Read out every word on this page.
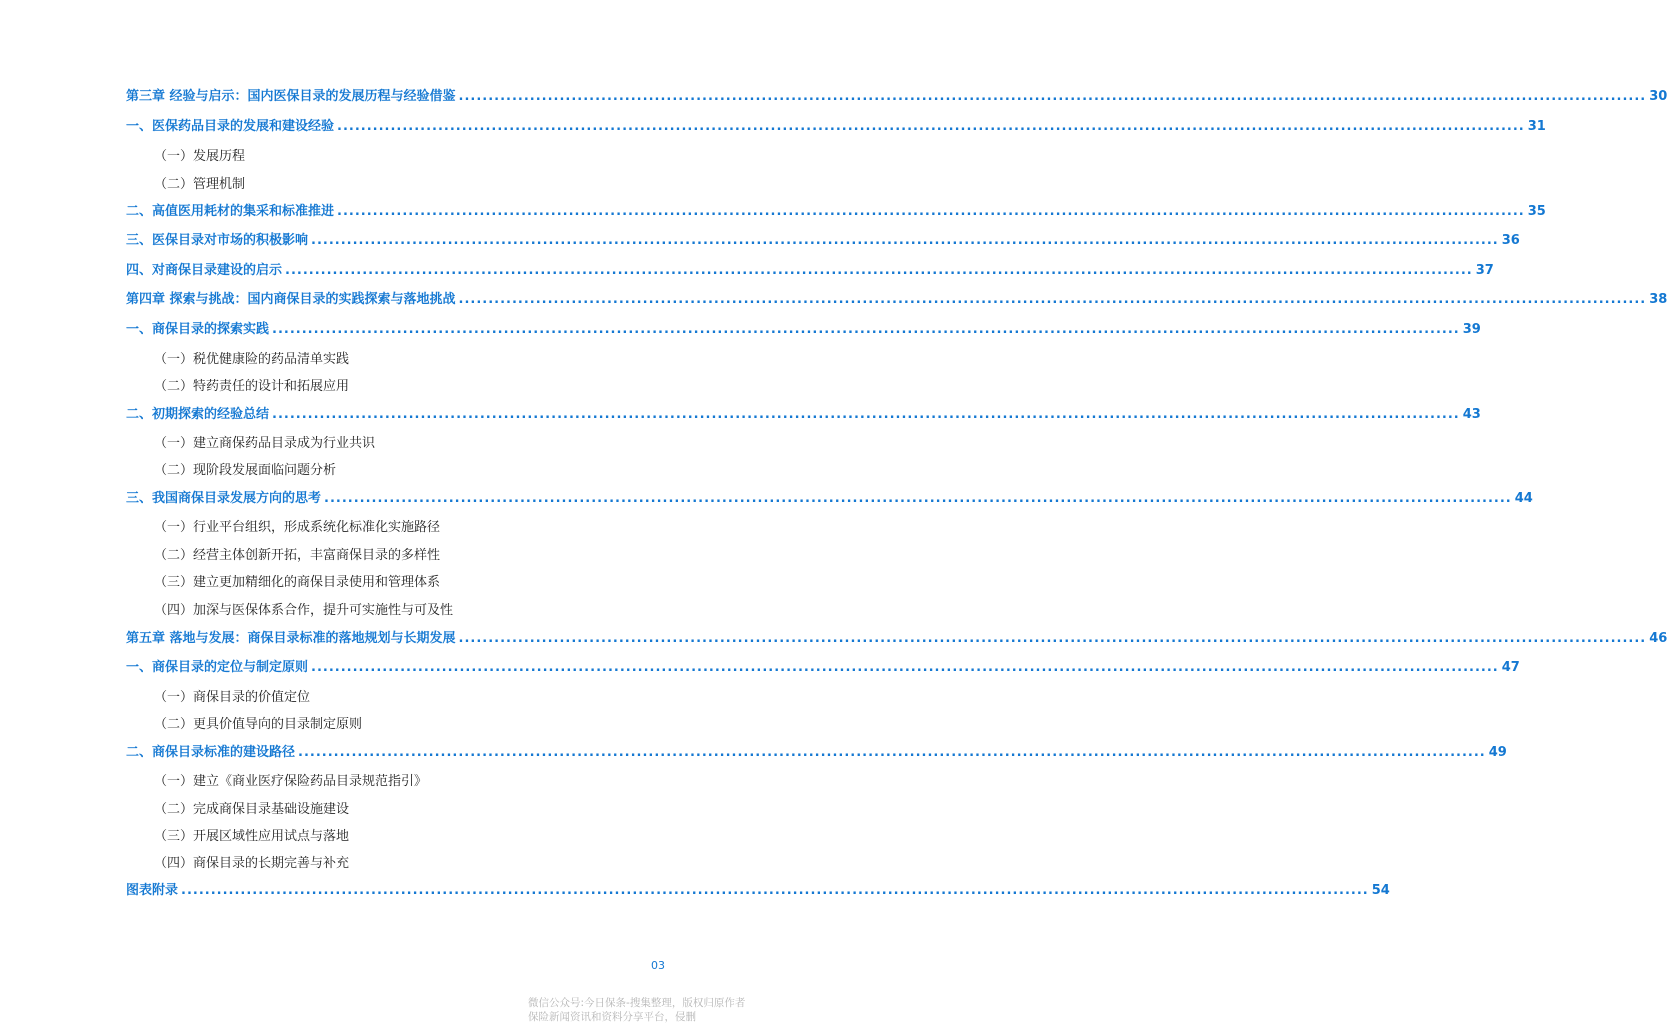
第三章 经验与启示：国内医保目录的发展历程与经验借鉴 ........................................................................................................................................................................................................ 30
一、医保药品目录的发展和建设经验 ........................................................................................................................................................................................................ 31
（一）发展历程
（二）管理机制
二、高值医用耗材的集采和标准推进 ........................................................................................................................................................................................................ 35
三、医保目录对市场的积极影响 ........................................................................................................................................................................................................ 36
四、对商保目录建设的启示 ........................................................................................................................................................................................................ 37
第四章 探索与挑战：国内商保目录的实践探索与落地挑战 ........................................................................................................................................................................................................ 38
一、商保目录的探索实践 ........................................................................................................................................................................................................ 39
（一）税优健康险的药品清单实践
（二）特药责任的设计和拓展应用
二、初期探索的经验总结 ........................................................................................................................................................................................................ 43
（一）建立商保药品目录成为行业共识
（二）现阶段发展面临问题分析
三、我国商保目录发展方向的思考 ........................................................................................................................................................................................................ 44
（一）行业平台组织，形成系统化标准化实施路径
（二）经营主体创新开拓，丰富商保目录的多样性
（三）建立更加精细化的商保目录使用和管理体系
（四）加深与医保体系合作，提升可实施性与可及性
第五章 落地与发展：商保目录标准的落地规划与长期发展 ........................................................................................................................................................................................................ 46
一、商保目录的定位与制定原则 ........................................................................................................................................................................................................ 47
（一）商保目录的价值定位
（二）更具价值导向的目录制定原则
二、商保目录标准的建设路径 ........................................................................................................................................................................................................ 49
（一）建立《商业医疗保险药品目录规范指引》
（二）完成商保目录基础设施建设
（三）开展区域性应用试点与落地
（四）商保目录的长期完善与补充
图表附录 ........................................................................................................................................................................................................ 54
03
微信公众号:今日保条-搜集整理，版权归原作者
保险新闻资讯和资料分享平台，侵删
